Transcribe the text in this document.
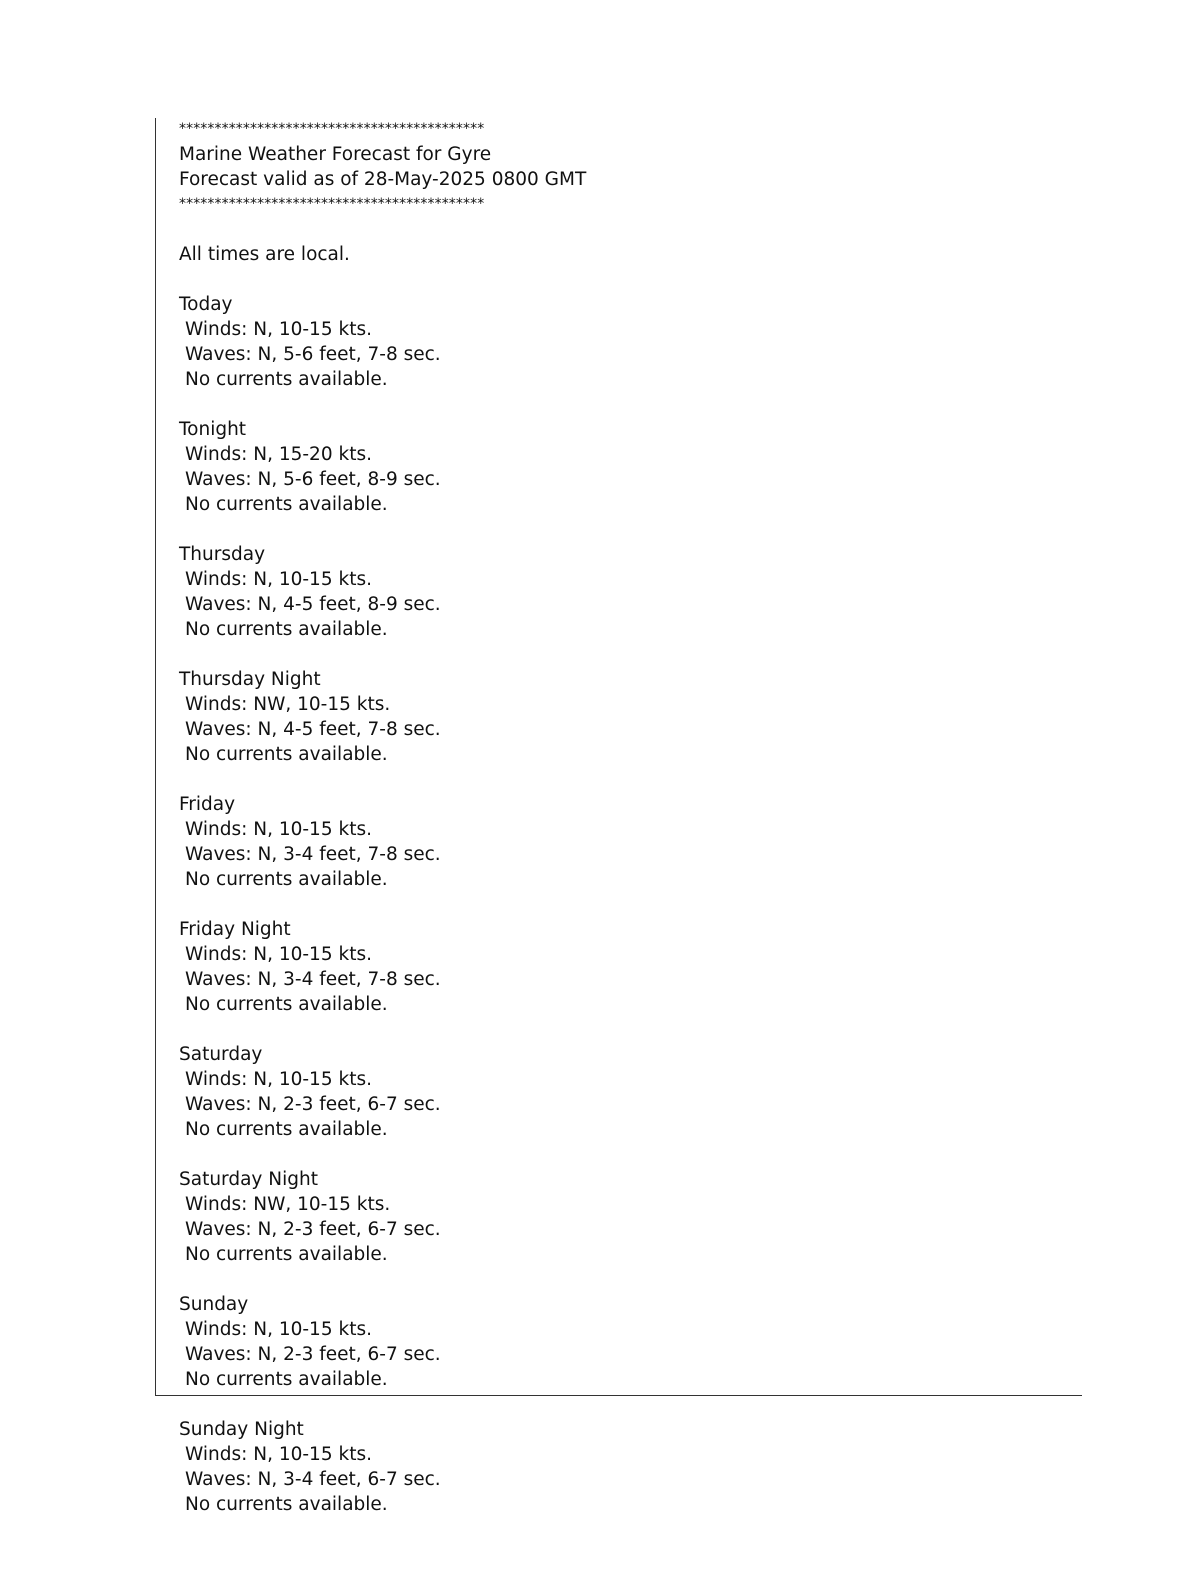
*******************************************
Marine Weather Forecast for Gyre
Forecast valid as of 28-May-2025 0800 GMT
*******************************************
All times are local.
Today
Winds: N, 10-15 kts.
Waves: N, 5-6 feet, 7-8 sec.
No currents available.
Tonight
Winds: N, 15-20 kts.
Waves: N, 5-6 feet, 8-9 sec.
No currents available.
Thursday
Winds: N, 10-15 kts.
Waves: N, 4-5 feet, 8-9 sec.
No currents available.
Thursday Night
Winds: NW, 10-15 kts.
Waves: N, 4-5 feet, 7-8 sec.
No currents available.
Friday
Winds: N, 10-15 kts.
Waves: N, 3-4 feet, 7-8 sec.
No currents available.
Friday Night
Winds: N, 10-15 kts.
Waves: N, 3-4 feet, 7-8 sec.
No currents available.
Saturday
Winds: N, 10-15 kts.
Waves: N, 2-3 feet, 6-7 sec.
No currents available.
Saturday Night
Winds: NW, 10-15 kts.
Waves: N, 2-3 feet, 6-7 sec.
No currents available.
Sunday
Winds: N, 10-15 kts.
Waves: N, 2-3 feet, 6-7 sec.
No currents available.
Sunday Night
Winds: N, 10-15 kts.
Waves: N, 3-4 feet, 6-7 sec.
No currents available.
